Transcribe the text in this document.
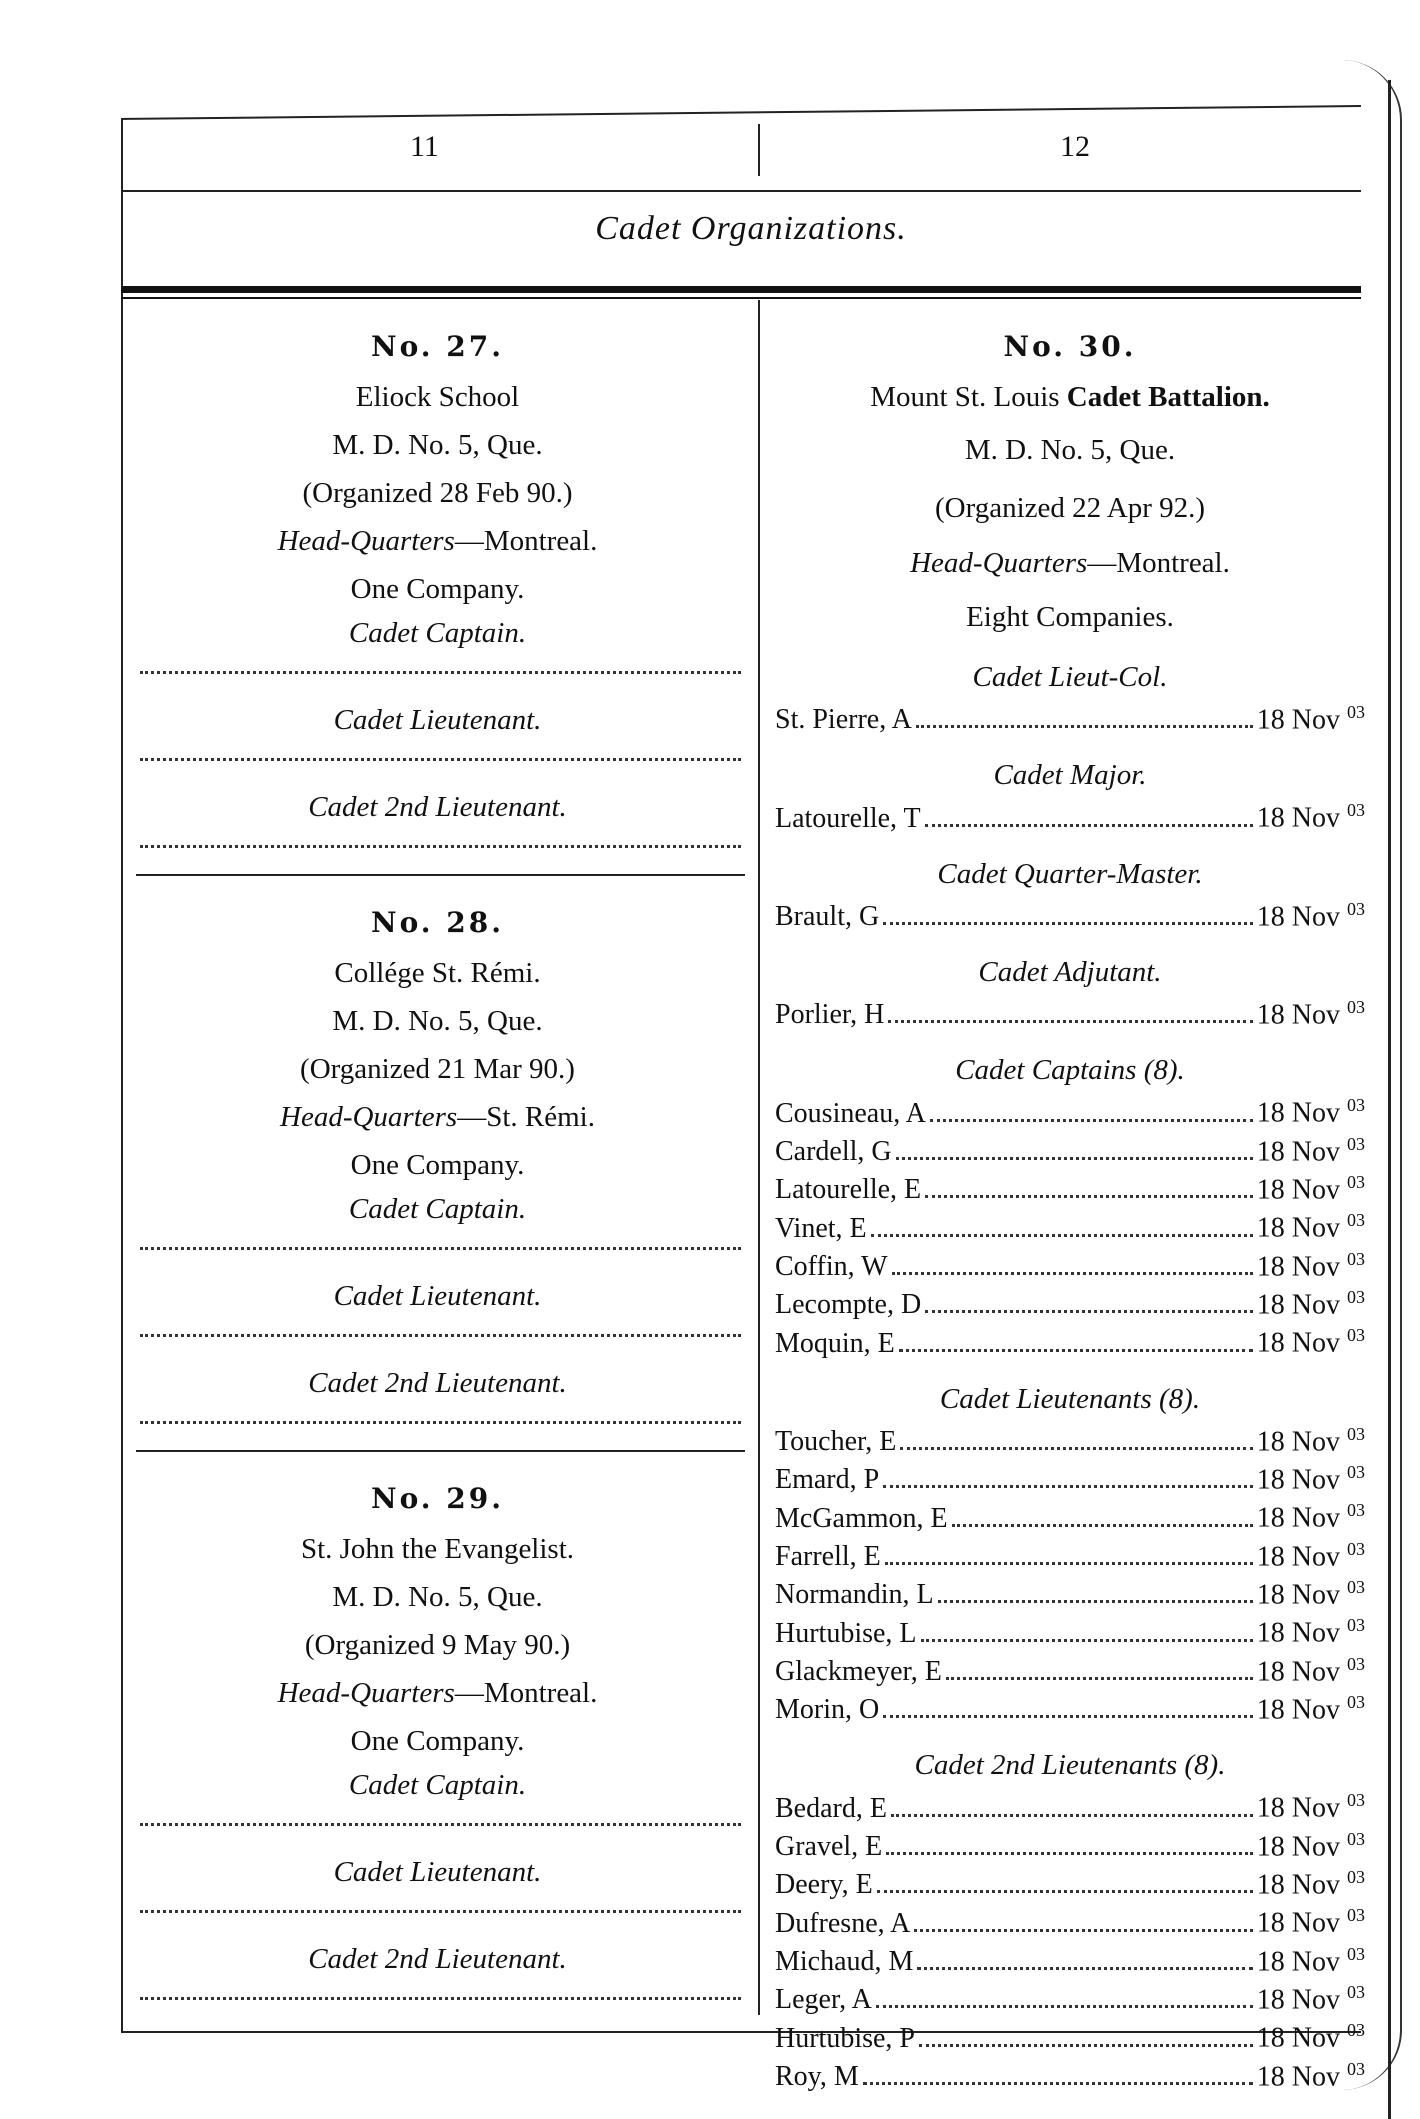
11	12
Cadet Organizations.
No. 27.
Eliock School
M. D. No. 5, Que.
(Organized 28 Feb 90.)
Head-Quarters—Montreal.
One Company.
Cadet Captain.
Cadet Lieutenant.
Cadet 2nd Lieutenant.
No. 28.
Collége St. Rémi.
M. D. No. 5, Que.
(Organized 21 Mar 90.)
Head-Quarters—St. Rémi.
One Company.
Cadet Captain.
Cadet Lieutenant.
Cadet 2nd Lieutenant.
No. 29.
St. John the Evangelist.
M. D. No. 5, Que.
(Organized 9 May 90.)
Head-Quarters—Montreal.
One Company.
Cadet Captain.
Cadet Lieutenant.
Cadet 2nd Lieutenant.
No. 30.
Mount St. Louis Cadet Battalion.
M. D. No. 5, Que.
(Organized 22 Apr 92.)
Head-Quarters—Montreal.
Eight Companies.
Cadet Lieut-Col.
St. Pierre, A	18 Nov $^{03}$
Cadet Major.
Latourelle, T	18 Nov $^{03}$
Cadet Quarter-Master.
Brault, G	18 Nov $^{03}$
Cadet Adjutant.
Porlier, H	18 Nov $^{03}$
Cadet Captains (8).
Cousineau, A	18 Nov $^{03}$
Cardell, G	18 Nov $^{03}$
Latourelle, E	18 Nov $^{03}$
Vinet, E	18 Nov $^{03}$
Coffin, W	18 Nov $^{03}$
Lecompte, D	18 Nov $^{03}$
Moquin, E	18 Nov $^{03}$
Cadet Lieutenants (8).
Toucher, E	18 Nov $^{03}$
Emard, P	18 Nov $^{03}$
McGammon, E	18 Nov $^{03}$
Farrell, E	18 Nov $^{03}$
Normandin, L	18 Nov $^{03}$
Hurtubise, L	18 Nov $^{03}$
Glackmeyer, E	18 Nov $^{03}$
Morin, O	18 Nov $^{03}$
Cadet 2nd Lieutenants (8).
Bedard, E	18 Nov $^{03}$
Gravel, E	18 Nov $^{03}$
Deery, E	18 Nov $^{03}$
Dufresne, A	18 Nov $^{03}$
Michaud, M	18 Nov $^{03}$
Leger, A	18 Nov $^{03}$
Hurtubise, P	18 Nov $^{03}$
Roy, M	18 Nov $^{03}$
